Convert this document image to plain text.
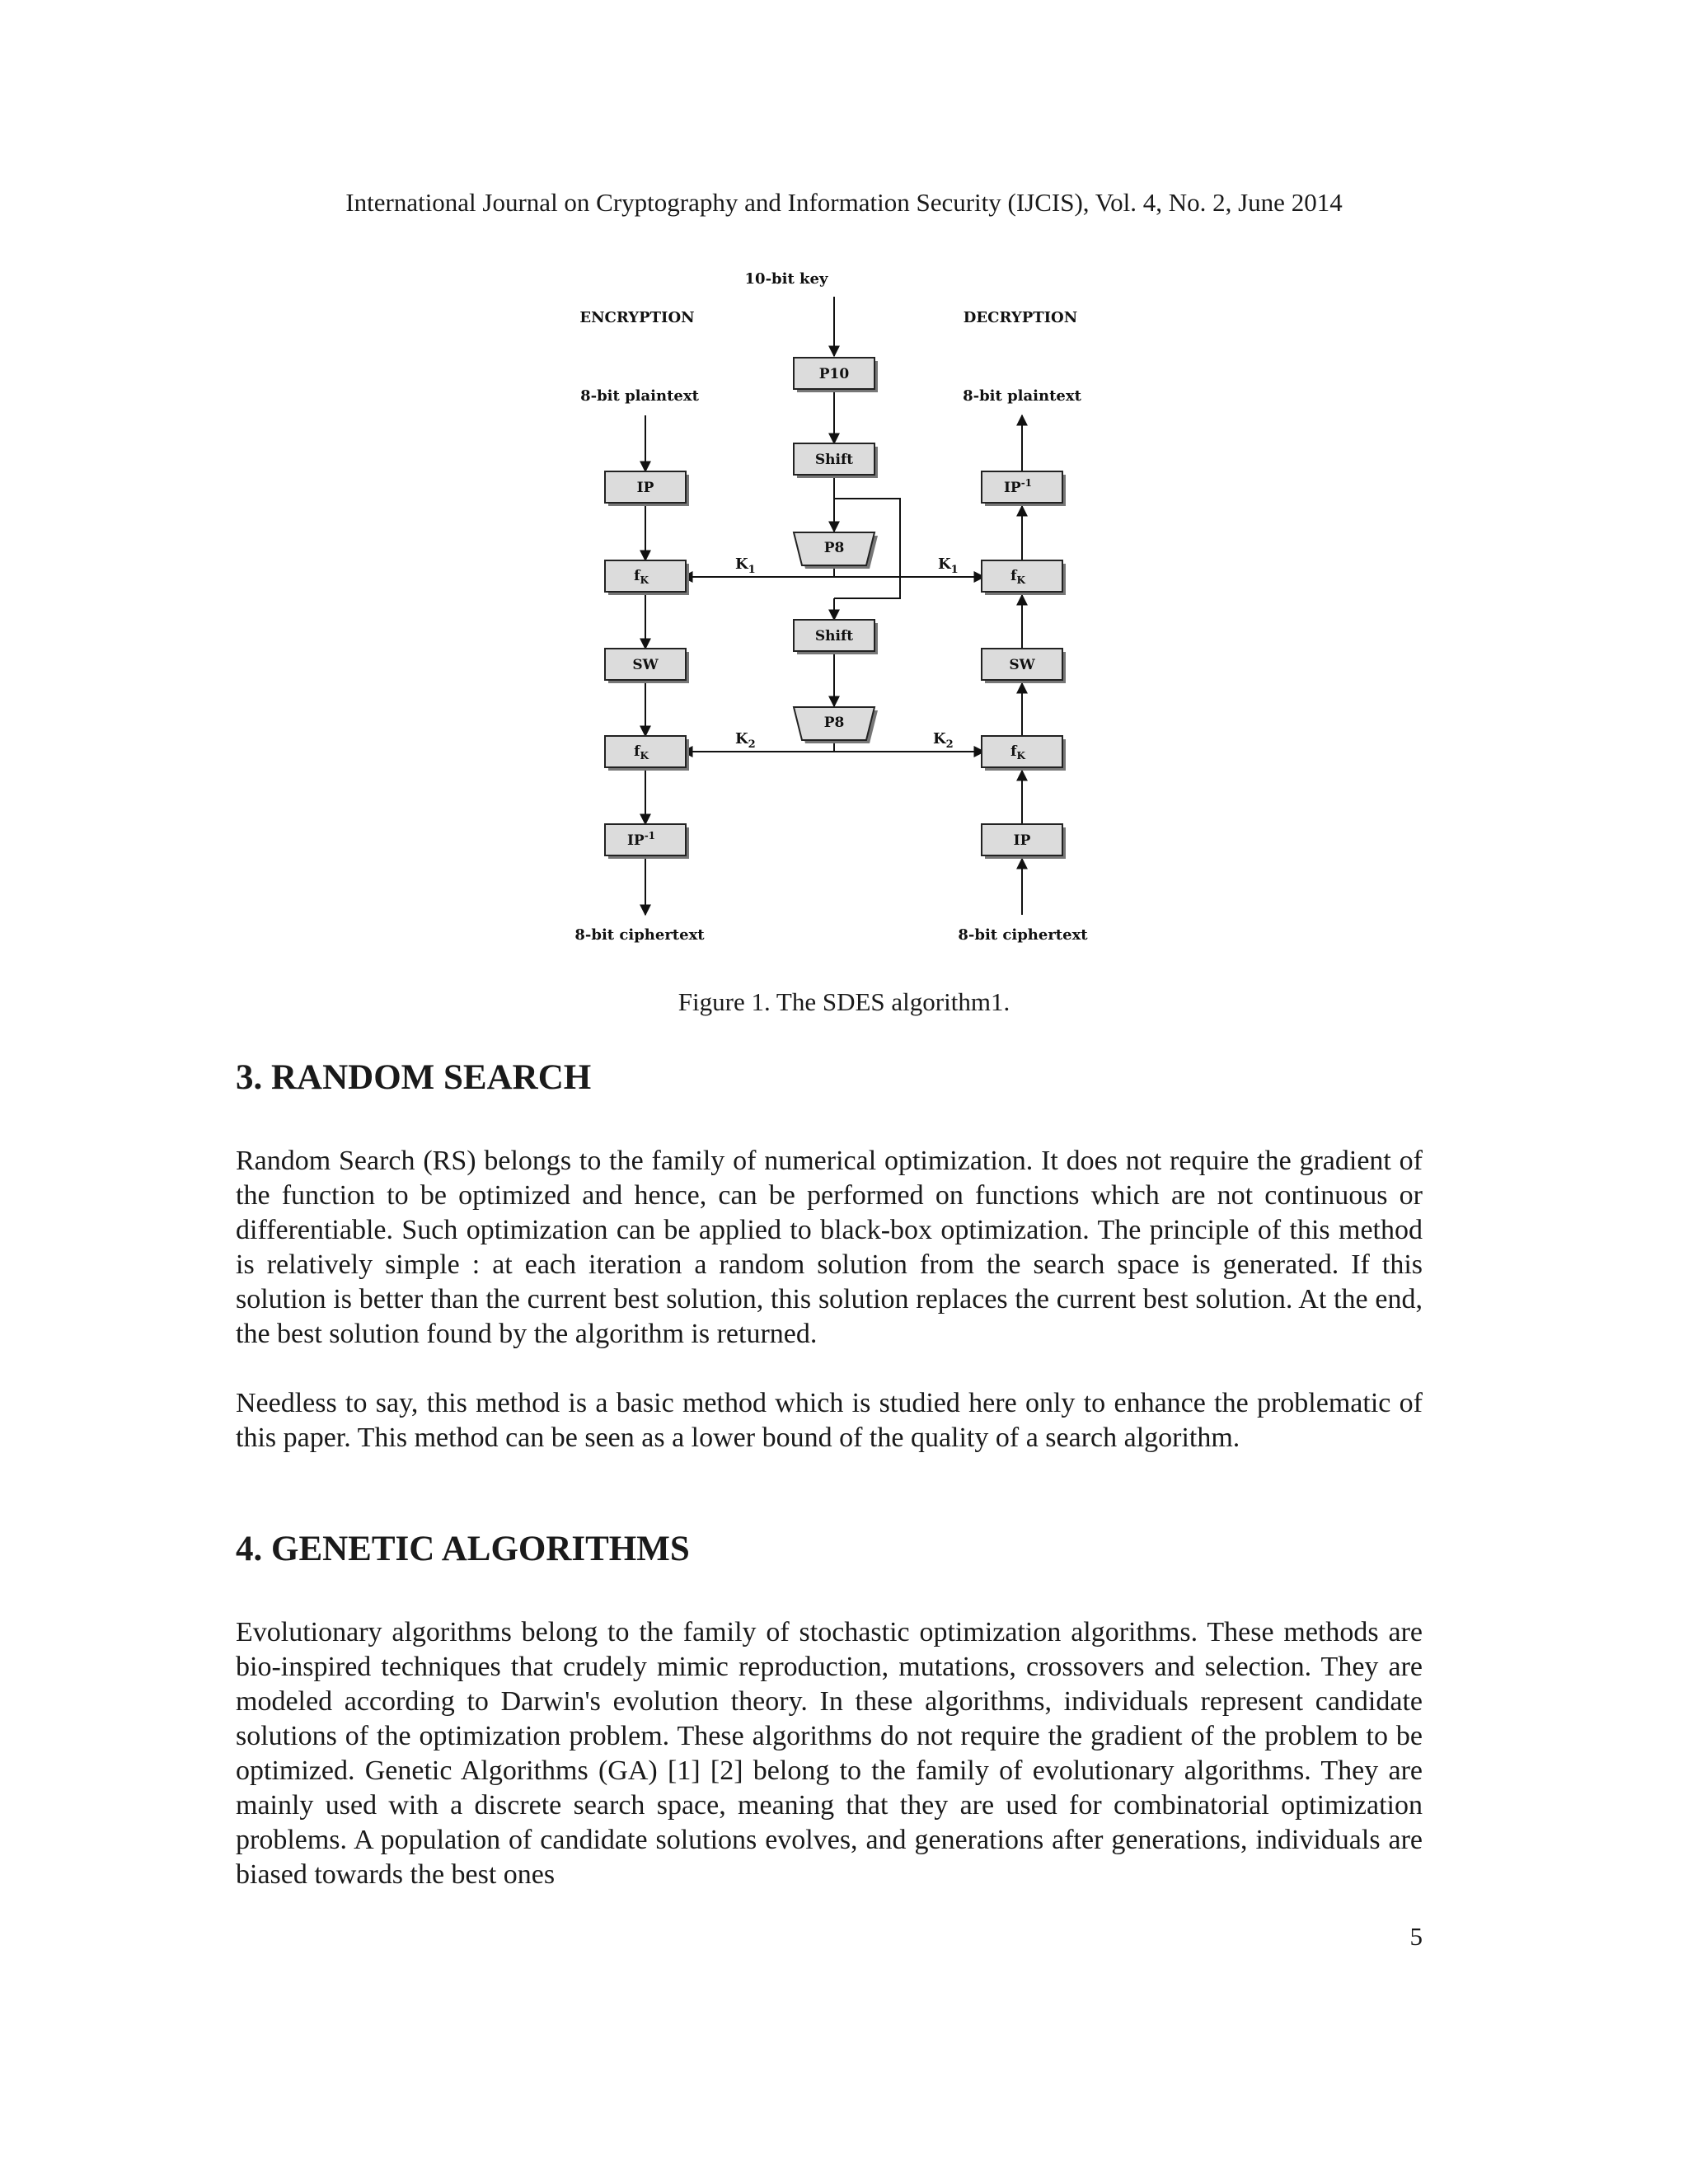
International Journal on Cryptography and Information Security (IJCIS), Vol. 4, No. 2, June 2014
10-bit key
ENCRYPTION	DECRYPTION
8-bit plaintext	8-bit plaintext
8-bit ciphertext	8-bit ciphertext
$K_1$	$K_1$
$K_2$	$K_2$
P10
Shift
P8
Shift
P8
IP
$f_K$
SW
$f_K$
$IP^{-1}$
$IP^{-1}$
$f_K$
SW
$f_K$
IP
Figure 1. The SDES algorithm1.
3. RANDOM SEARCH

Random Search (RS) belongs to the family of numerical optimization. It does not require the gradient of the function to be optimized and hence, can be performed on functions which are not continuous or differentiable. Such optimization can be applied to black-box optimization. The principle of this method is relatively simple : at each iteration a random solution from the search space is generated. If this solution is better than the current best solution, this solution replaces the current best solution. At the end, the best solution found by the algorithm is returned.

Needless to say, this method is a basic method which is studied here only to enhance the problematic of this paper. This method can be seen as a lower bound of the quality of a search algorithm.

4. GENETIC ALGORITHMS

Evolutionary algorithms belong to the family of stochastic optimization algorithms. These methods are bio-inspired techniques that crudely mimic reproduction, mutations, crossovers and selection. They are modeled according to Darwin's evolution theory. In these algorithms, individuals represent candidate solutions of the optimization problem. These algorithms do not require the gradient of the problem to be optimized. Genetic Algorithms (GA) [1] [2] belong to the family of evolutionary algorithms. They are mainly used with a discrete search space, meaning that they are used for combinatorial optimization problems. A population of candidate solutions evolves, and generations after generations, individuals are biased towards the best ones

5
